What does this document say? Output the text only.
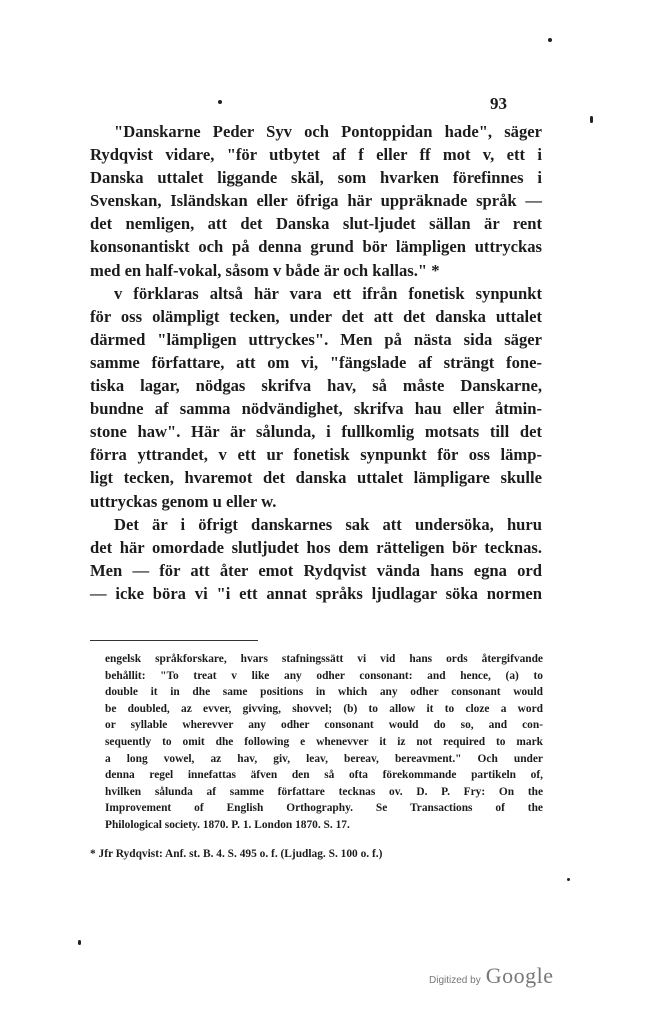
93
"Danskarne Peder Syv och Pontoppidan hade", säger
Rydqvist vidare, "för utbytet af f eller ff mot v, ett i
Danska uttalet liggande skäl, som hvarken förefinnes i
Svenskan, Isländskan eller öfriga här uppräknade språk —
det nemligen, att det Danska slut-ljudet sällan är rent
konsonantiskt och på denna grund bör lämpligen uttryckas
med en half-vokal, såsom v både är och kallas." *
v förklaras altså här vara ett ifrån fonetisk synpunkt
för oss olämpligt tecken, under det att det danska uttalet
därmed "lämpligen uttryckes". Men på nästa sida säger
samme författare, att om vi, "fängslade af strängt fone-
tiska lagar, nödgas skrifva hav, så måste Danskarne,
bundne af samma nödvändighet, skrifva hau eller åtmin-
stone haw". Här är sålunda, i fullkomlig motsats till det
förra yttrandet, v ett ur fonetisk synpunkt för oss lämp-
ligt tecken, hvaremot det danska uttalet lämpligare skulle
uttryckas genom u eller w.
Det är i öfrigt danskarnes sak att undersöka, huru
det här omordade slutljudet hos dem rätteligen bör tecknas.
Men — för att åter emot Rydqvist vända hans egna ord
— icke böra vi "i ett annat språks ljudlagar söka normen
engelsk språkforskare, hvars stafningssätt vi vid hans ords återgifvande
behållit: "To treat v like any odher consonant: and hence, (a) to
double it in dhe same positions in which any odher consonant would
be doubled, az evver, givving, shovvel; (b) to allow it to cloze a word
or syllable wherevver any odher consonant would do so, and con-
sequently to omit dhe following e whenevver it iz not required to mark
a long vowel, az hav, giv, leav, bereav, bereavment." Och under
denna regel innefattas äfven den så ofta förekommande partikeln of,
hvilken sålunda af samme författare tecknas ov. D. P. Fry: On the
Improvement of English Orthography. Se Transactions of the
Philological society. 1870. P. 1. London 1870. S. 17.
* Jfr Rydqvist: Anf. st. B. 4. S. 495 o. f. (Ljudlag. S. 100 o. f.)
Digitized by Google
